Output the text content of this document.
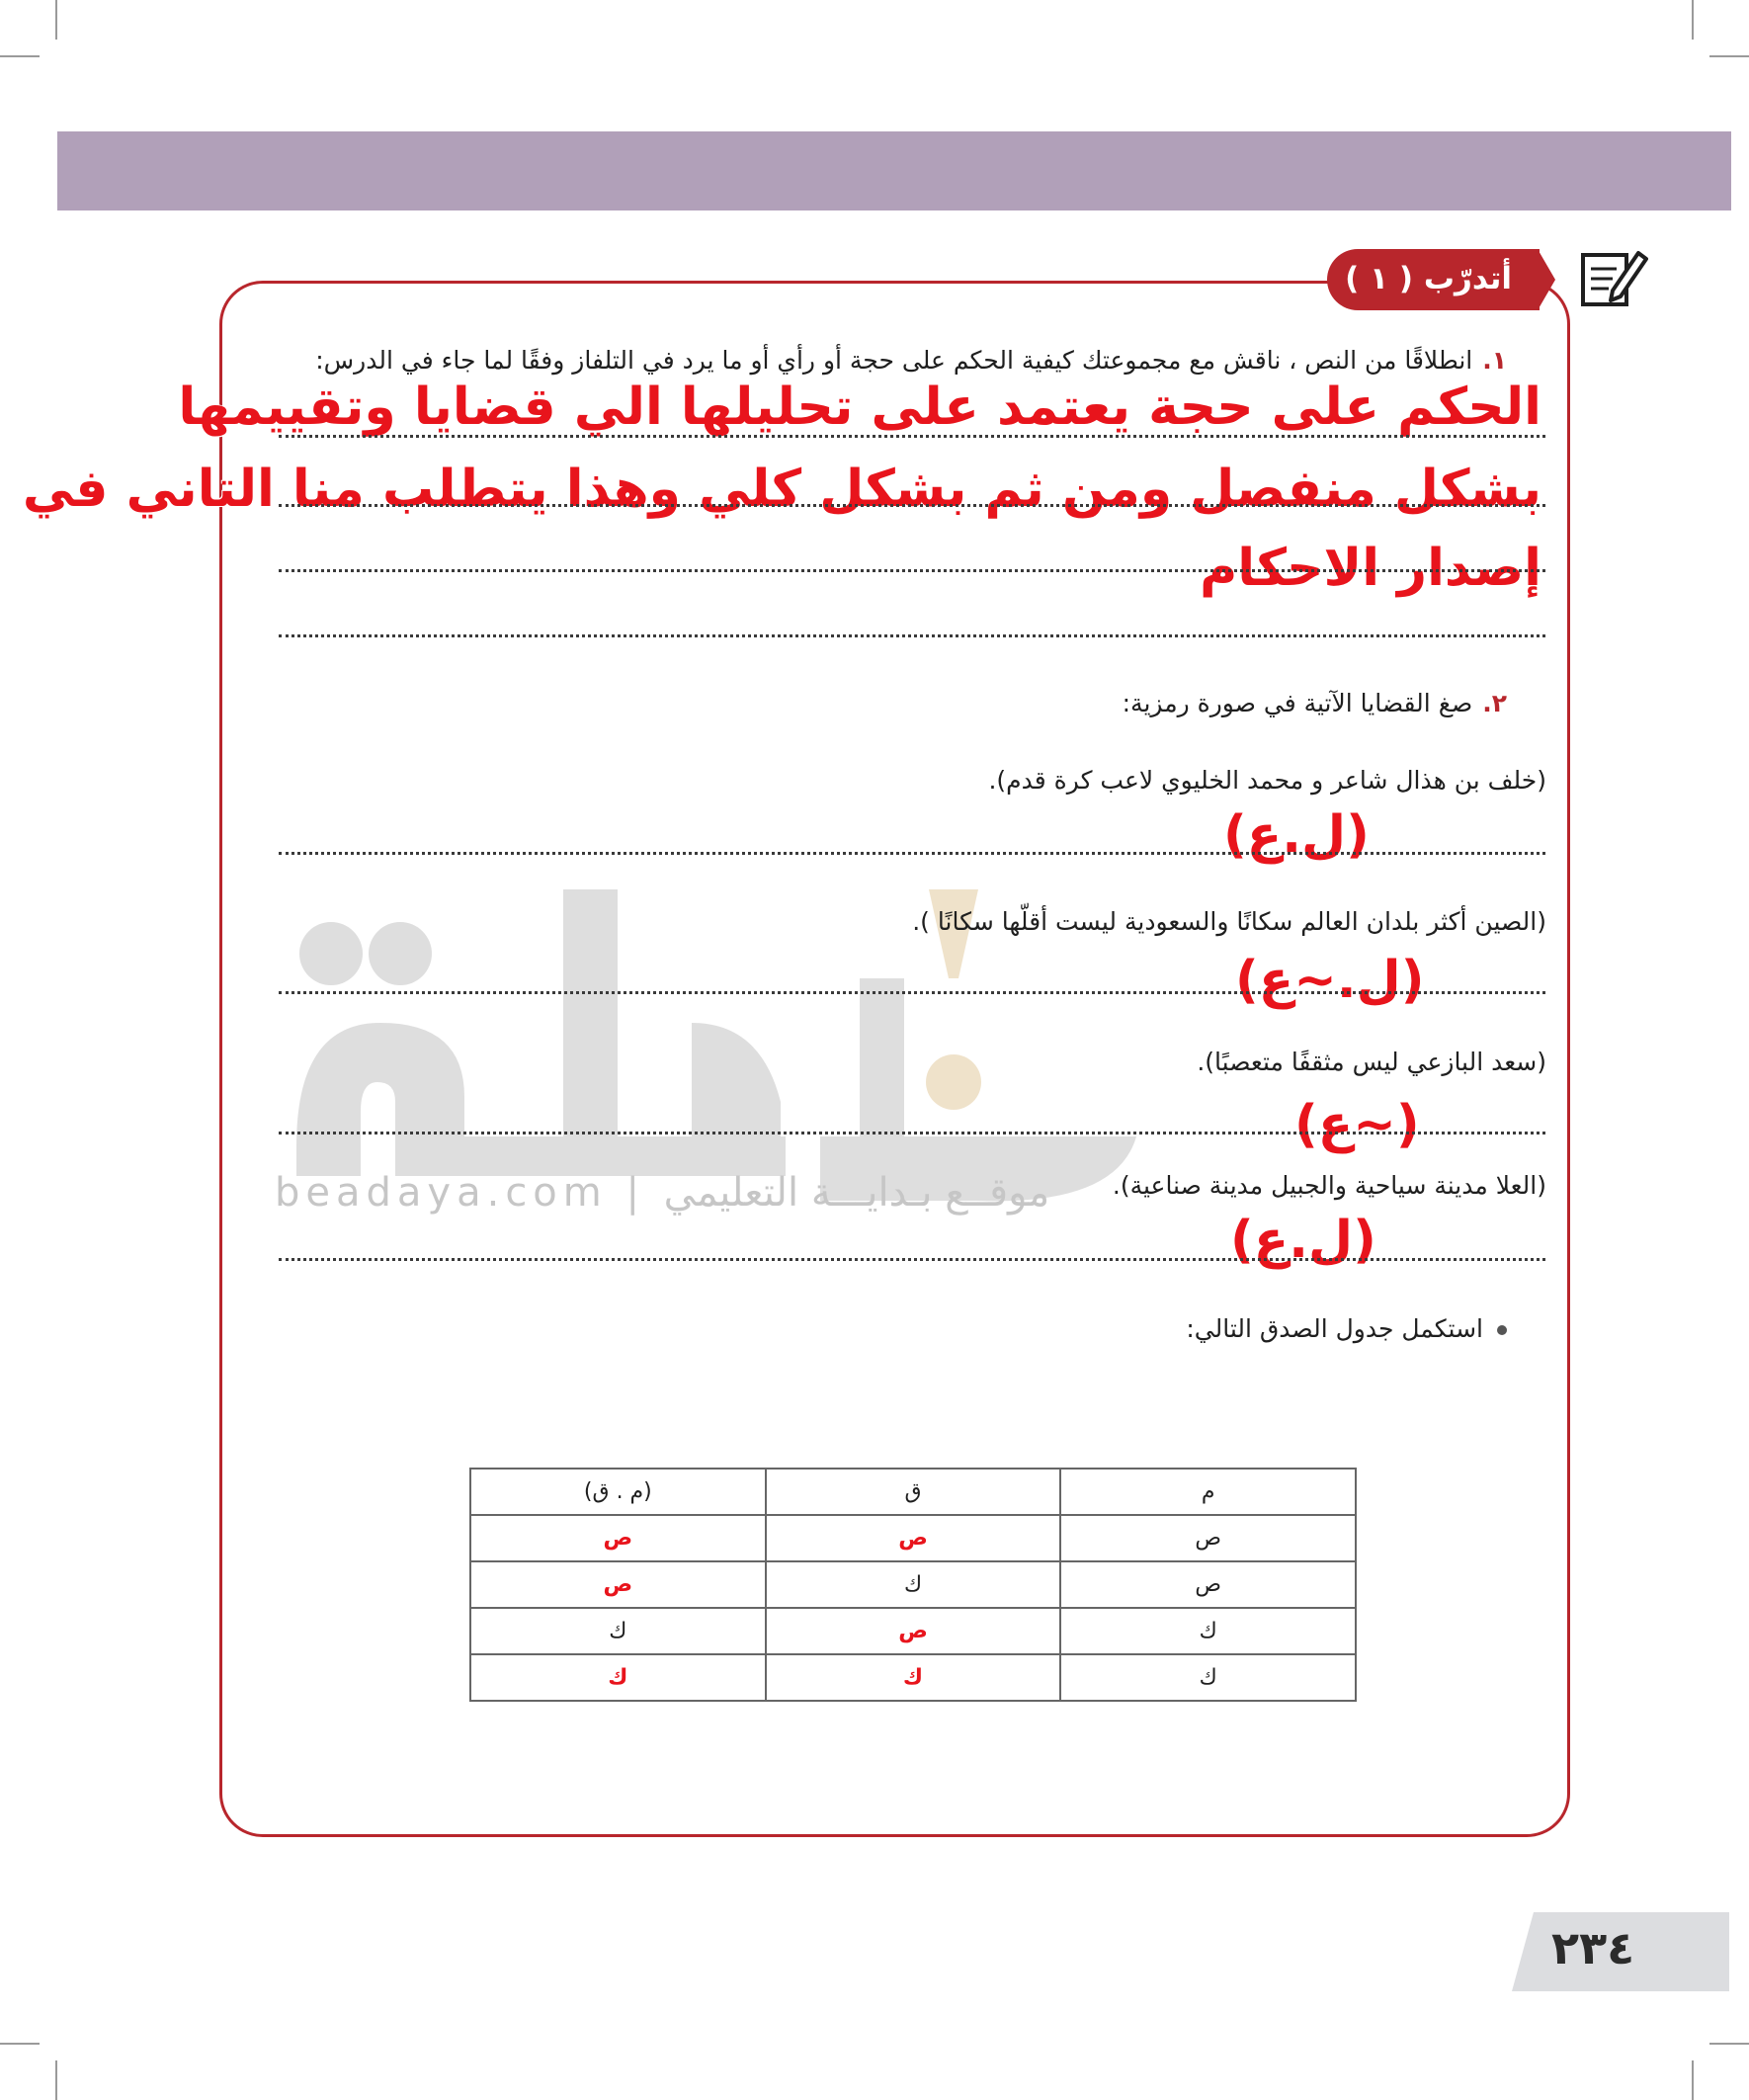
أتدرّب ( ١ )
beadaya.com | موقــع بـدايـــة التعليمي
١.انطلاقًا من النص ، ناقش مع مجموعتك كيفية الحكم على حجة أو رأي أو ما يرد في التلفاز وفقًا لما جاء في الدرس:
الحكم على حجة يعتمد على تحليلها الي قضايا وتقييمها
بشكل منفصل ومن ثم بشكل كلي وهذا يتطلب منا التاني في
إصدار الاحكام
٢.صغ القضايا الآتية في صورة رمزية:
(خلف بن هذال شاعر و محمد الخليوي لاعب كرة قدم).
(ل.ع)
(الصين أكثر بلدان العالم سكانًا والسعودية ليست أقلّها سكانًا ).
(ل.~ع)
(سعد البازعي ليس مثقفًا متعصبًا).
(~ع)
(العلا مدينة سياحية والجبيل مدينة صناعية).
(ل.ع)
استكمل جدول الصدق التالي:
م	ق	(م . ق)
ص	ص	ص
ص	ك	ص
ك	ص	ك
ك	ك	ك
٢٣٤
